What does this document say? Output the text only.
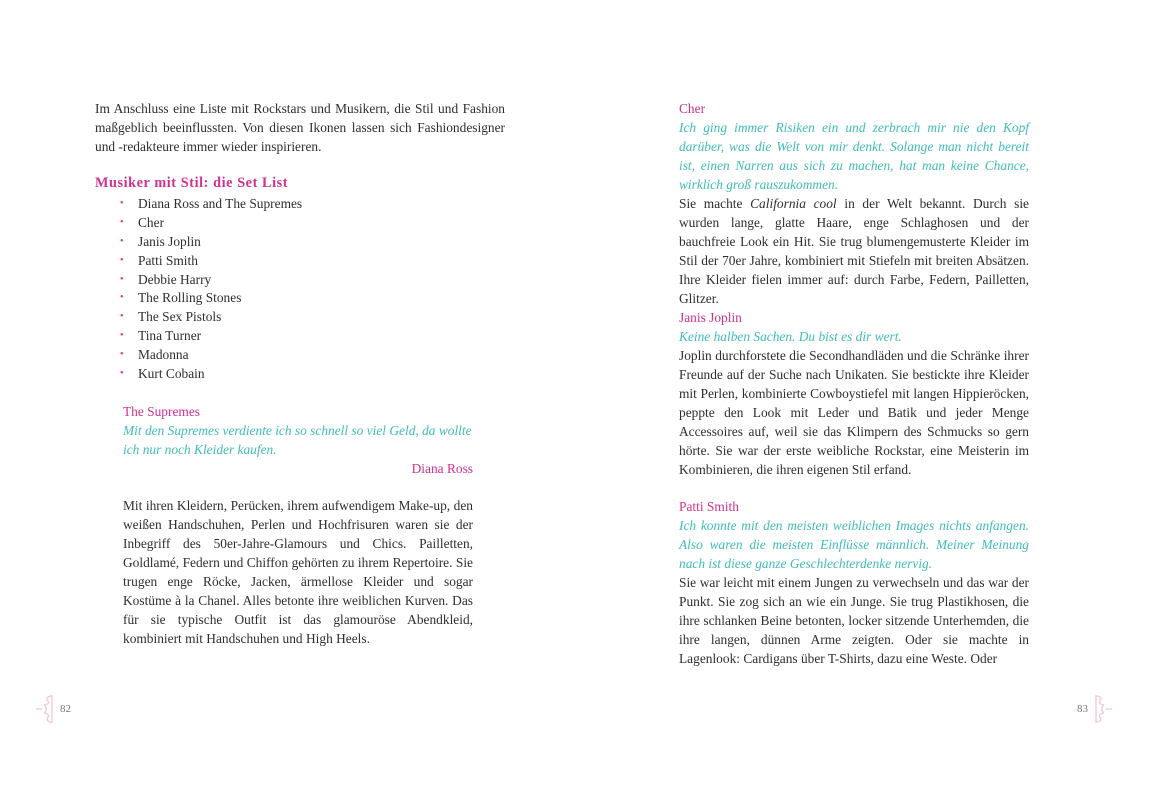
Im Anschluss eine Liste mit Rockstars und Musikern, die Stil und Fashion maßgeblich beeinflussten. Von diesen Ikonen lassen sich Fashiondesigner und -redakteure immer wieder inspirieren.

Musiker mit Stil: die Set List
• Diana Ross and The Supremes
• Cher
• Janis Joplin
• Patti Smith
• Debbie Harry
• The Rolling Stones
• The Sex Pistols
• Tina Turner
• Madonna
• Kurt Cobain
The Supremes
Mit den Supremes verdiente ich so schnell so viel Geld, da wollte ich nur noch Kleider kaufen.
Diana Ross

Mit ihren Kleidern, Perücken, ihrem aufwendigem Make-up, den weißen Handschuhen, Perlen und Hochfrisuren waren sie der Inbegriff des 50er-Jahre-Glamours und Chics. Pailletten, Goldlamé, Federn und Chiffon gehörten zu ihrem Repertoire. Sie trugen enge Röcke, Jacken, ärmellose Kleider und sogar Kostüme à la Chanel. Alles betonte ihre weiblichen Kurven. Das für sie typische Outfit ist das glamouröse Abendkleid, kombiniert mit Handschuhen und High Heels.

82
Cher
Ich ging immer Risiken ein und zerbrach mir nie den Kopf darüber, was die Welt von mir denkt. Solange man nicht bereit ist, einen Narren aus sich zu machen, hat man keine Chance, wirklich groß rauszukommen.
Sie machte California cool in der Welt bekannt. Durch sie wurden lange, glatte Haare, enge Schlaghosen und der bauchfreie Look ein Hit. Sie trug blumengemusterte Kleider im Stil der 70er Jahre, kombiniert mit Stiefeln mit breiten Absätzen. Ihre Kleider fielen immer auf: durch Farbe, Federn, Pailletten, Glitzer.
Janis Joplin
Keine halben Sachen. Du bist es dir wert.
Joplin durchforstete die Secondhandläden und die Schränke ihrer Freunde auf der Suche nach Unikaten. Sie bestickte ihre Kleider mit Perlen, kombinierte Cowboystiefel mit langen Hippieröcken, peppte den Look mit Leder und Batik und jeder Menge Accessoires auf, weil sie das Klimpern des Schmucks so gern hörte. Sie war der erste weibliche Rockstar, eine Meisterin im Kombinieren, die ihren eigenen Stil erfand.
Patti Smith
Ich konnte mit den meisten weiblichen Images nichts anfangen. Also waren die meisten Einflüsse männlich. Meiner Meinung nach ist diese ganze Geschlechterdenke nervig.
Sie war leicht mit einem Jungen zu verwechseln und das war der Punkt. Sie zog sich an wie ein Junge. Sie trug Plastikhosen, die ihre schlanken Beine betonten, locker sitzende Unterhemden, die ihre langen, dünnen Arme zeigten. Oder sie machte in Lagenlook: Cardigans über T-Shirts, dazu eine Weste. Oder
83
